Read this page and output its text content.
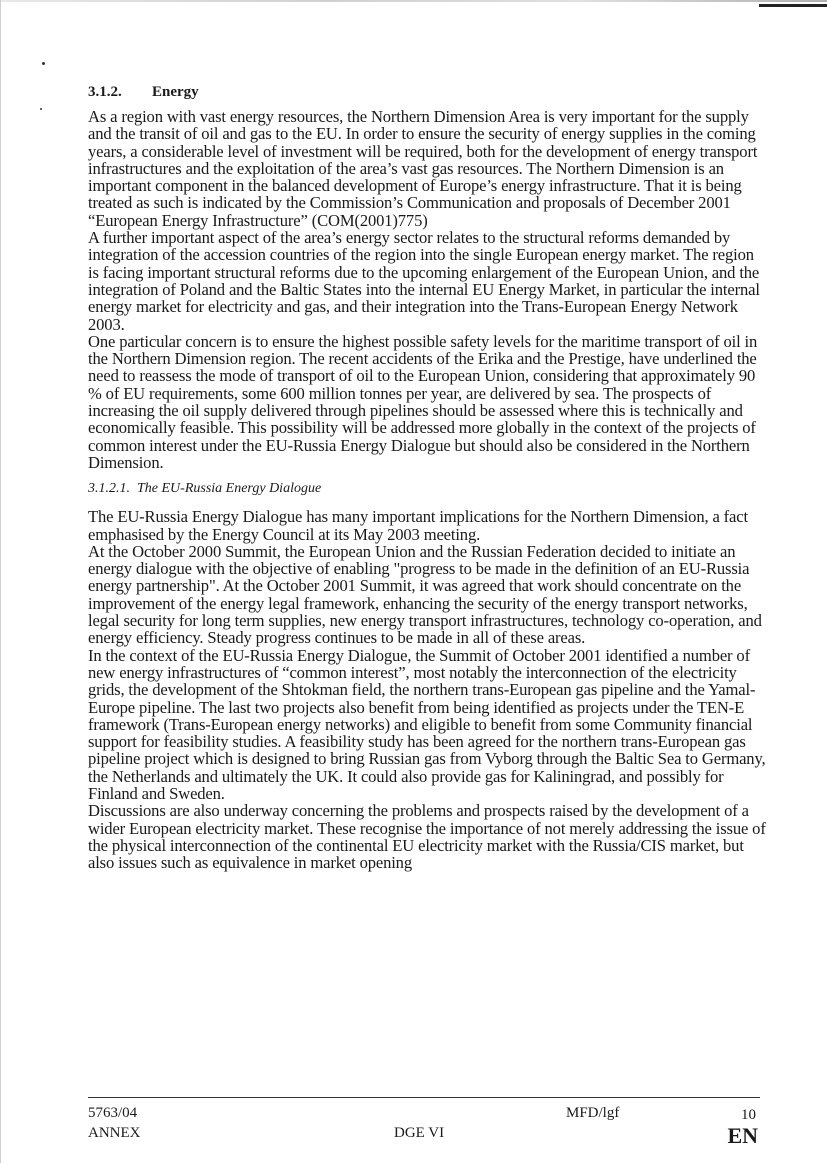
3.1.2. Energy

As a region with vast energy resources, the Northern Dimension Area is very important for the supply and the transit of oil and gas to the EU. In order to ensure the security of energy supplies in the coming years, a considerable level of investment will be required, both for the development of energy transport infrastructures and the exploitation of the area’s vast gas resources. The Northern Dimension is an important component in the balanced development of Europe’s energy infrastructure. That it is being treated as such is indicated by the Commission’s Communication and proposals of December 2001 “European Energy Infrastructure” (COM(2001)775)

A further important aspect of the area’s energy sector relates to the structural reforms demanded by integration of the accession countries of the region into the single European energy market. The region is facing important structural reforms due to the upcoming enlargement of the European Union, and the integration of Poland and the Baltic States into the internal EU Energy Market, in particular the internal energy market for electricity and gas, and their integration into the Trans-European Energy Network 2003.

One particular concern is to ensure the highest possible safety levels for the maritime transport of oil in the Northern Dimension region. The recent accidents of the Erika and the Prestige, have underlined the need to reassess the mode of transport of oil to the European Union, considering that approximately 90 % of EU requirements, some 600 million tonnes per year, are delivered by sea. The prospects of increasing the oil supply delivered through pipelines should be assessed where this is technically and economically feasible. This possibility will be addressed more globally in the context of the projects of common interest under the EU-Russia Energy Dialogue but should also be considered in the Northern Dimension.

3.1.2.1. The EU-Russia Energy Dialogue

The EU-Russia Energy Dialogue has many important implications for the Northern Dimension, a fact emphasised by the Energy Council at its May 2003 meeting.

At the October 2000 Summit, the European Union and the Russian Federation decided to initiate an energy dialogue with the objective of enabling "progress to be made in the definition of an EU-Russia energy partnership". At the October 2001 Summit, it was agreed that work should concentrate on the improvement of the energy legal framework, enhancing the security of the energy transport networks, legal security for long term supplies, new energy transport infrastructures, technology co-operation, and energy efficiency. Steady progress continues to be made in all of these areas.

In the context of the EU-Russia Energy Dialogue, the Summit of October 2001 identified a number of new energy infrastructures of “common interest”, most notably the interconnection of the electricity grids, the development of the Shtokman field, the northern trans-European gas pipeline and the Yamal-Europe pipeline. The last two projects also benefit from being identified as projects under the TEN-E framework (Trans-European energy networks) and eligible to benefit from some Community financial support for feasibility studies. A feasibility study has been agreed for the northern trans-European gas pipeline project which is designed to bring Russian gas from Vyborg through the Baltic Sea to Germany, the Netherlands and ultimately the UK. It could also provide gas for Kaliningrad, and possibly for Finland and Sweden.

Discussions are also underway concerning the problems and prospects raised by the development of a wider European electricity market. These recognise the importance of not merely addressing the issue of the physical interconnection of the continental EU electricity market with the Russia/CIS market, but also issues such as equivalence in market opening

5763/04
ANNEX	DGE VI
MFD/lgf	10
EN
